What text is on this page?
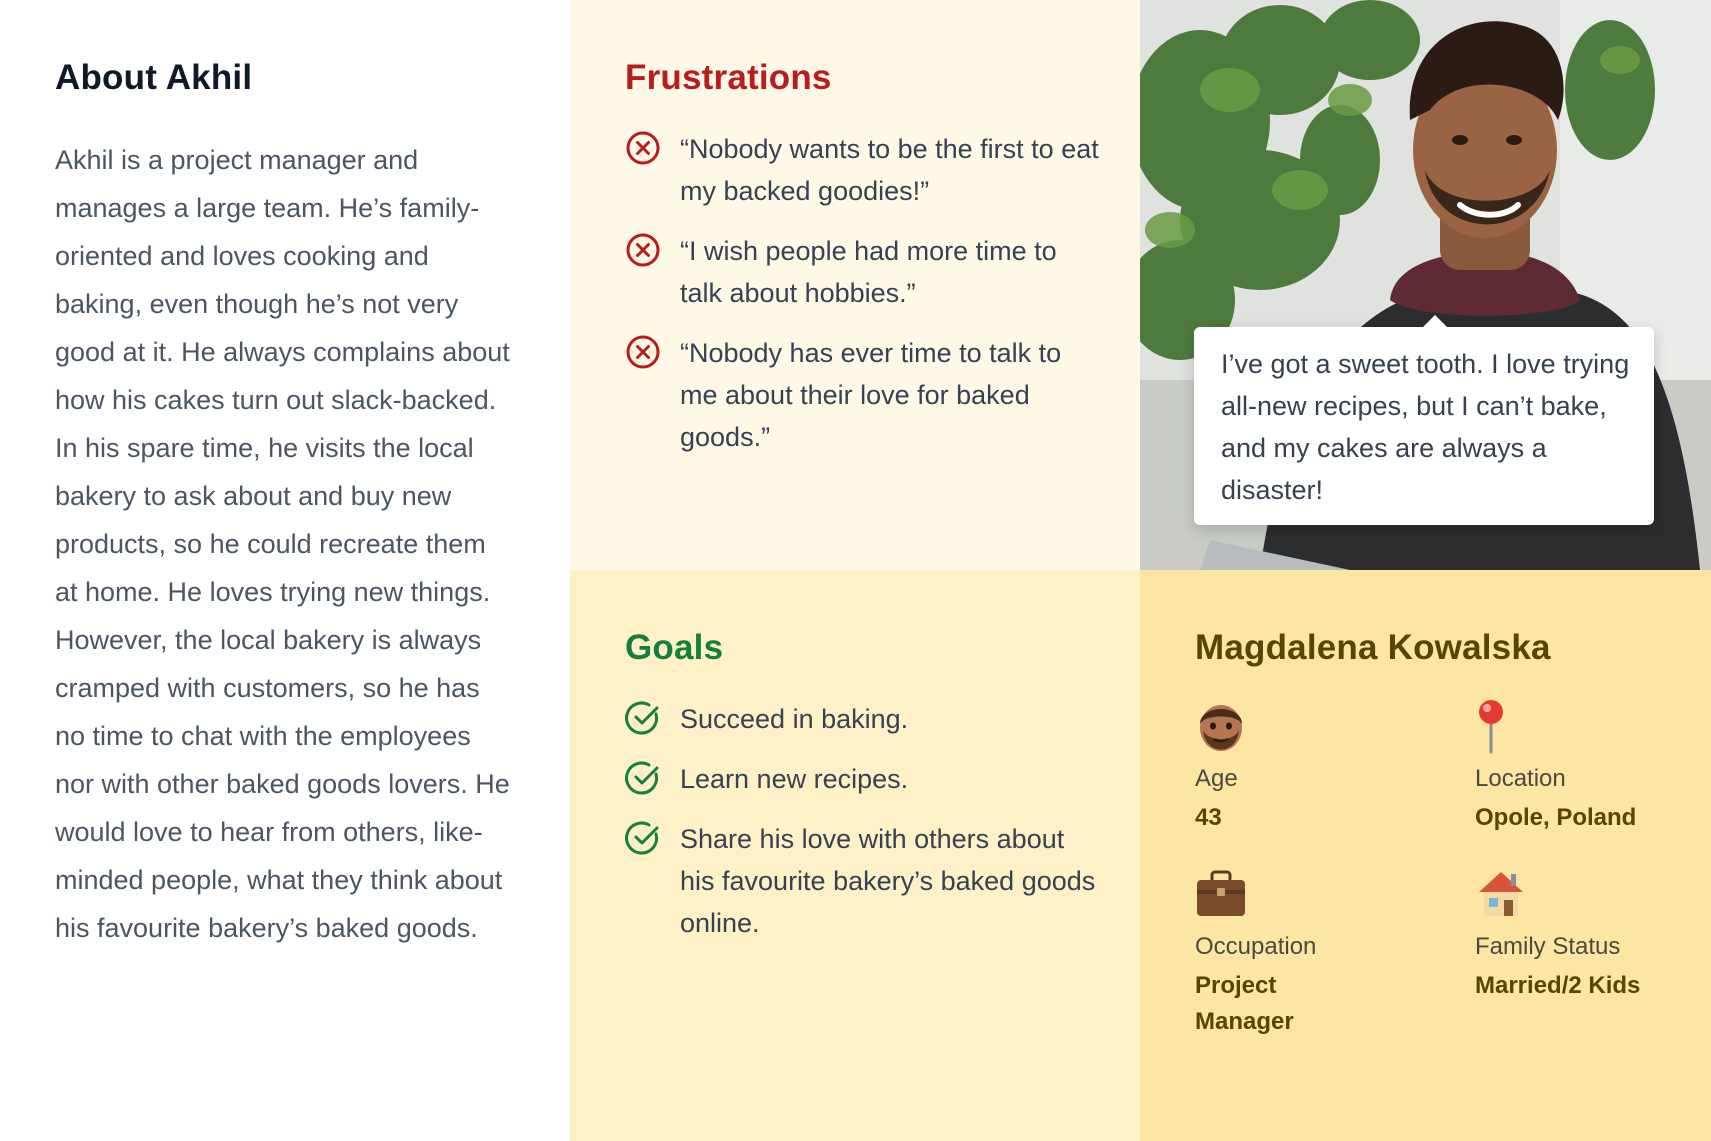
About Akhil

Akhil is a project manager and manages a large team. He’s family-oriented and loves cooking and baking, even though he’s not very good at it. He always complains about how his cakes turn out slack-backed. In his spare time, he visits the local bakery to ask about and buy new products, so he could recreate them at home. He loves trying new things. However, the local bakery is always cramped with customers, so he has no time to chat with the employees nor with other baked goods lovers. He would love to hear from others, like-minded people, what they think about his favourite bakery’s baked goods.

Frustrations
“Nobody wants to be the first to eat my backed goodies!”
“I wish people had more time to talk about hobbies.”
“Nobody has ever time to talk to me about their love for baked goods.”
I’ve got a sweet tooth. I love trying all-new recipes, but I can’t bake, and my cakes are always a disaster!
Goals
Succeed in baking.
Learn new recipes.
Share his love with others about his favourite bakery’s baked goods online.
Magdalena Kowalska
Age
43
Location
Opole, Poland
Occupation
Project Manager
Family Status
Married/2 Kids
